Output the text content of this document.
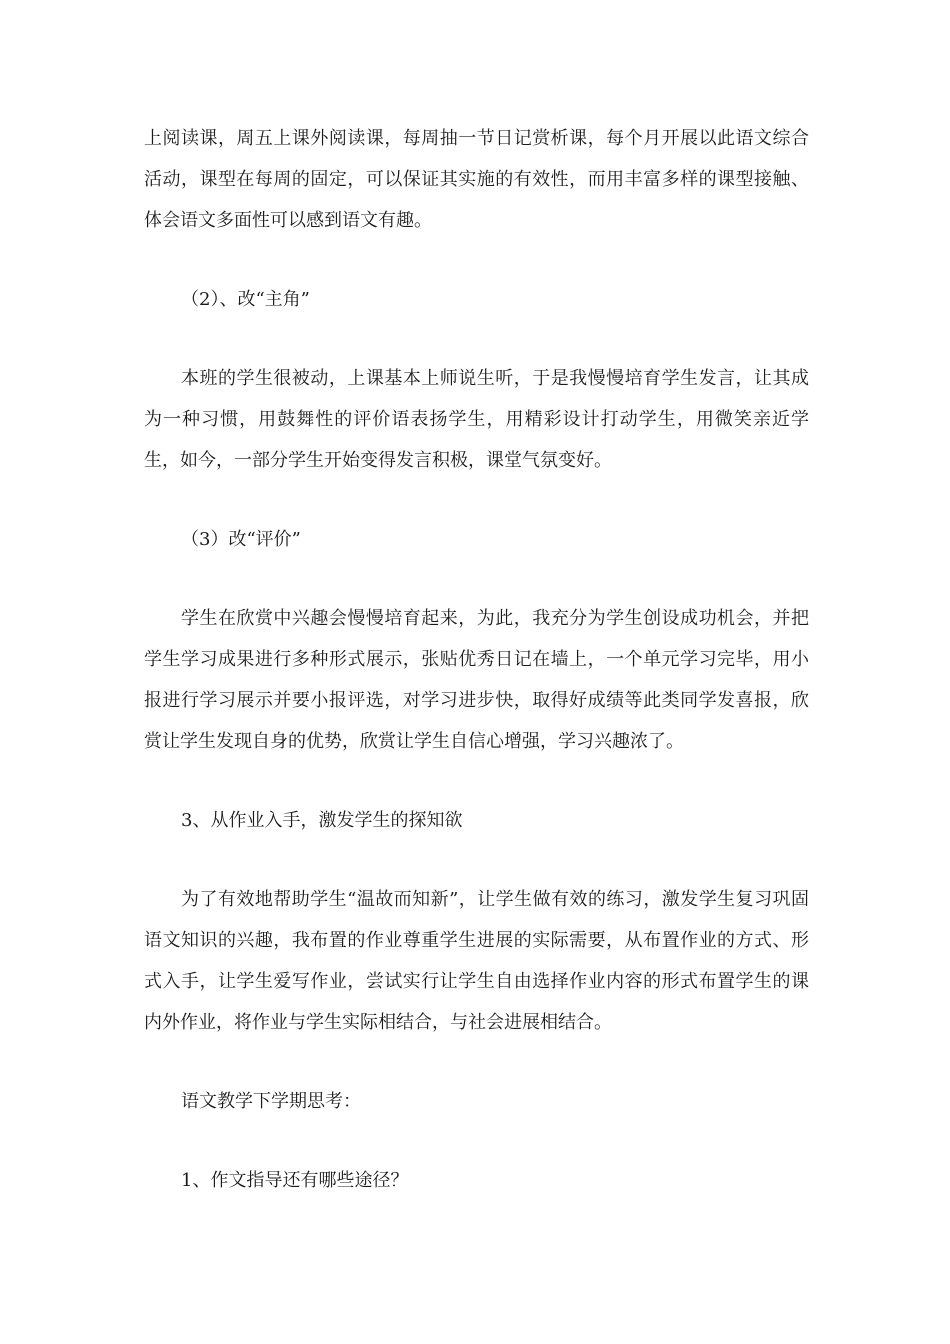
上阅读课，周五上课外阅读课，每周抽一节日记赏析课，每个月开展以此语文综合活动，课型在每周的固定，可以保证其实施的有效性，而用丰富多样的课型接触、体会语文多面性可以感到语文有趣。

（2）、改“主角”

本班的学生很被动，上课基本上师说生听，于是我慢慢培育学生发言，让其成为一种习惯，用鼓舞性的评价语表扬学生，用精彩设计打动学生，用微笑亲近学生，如今，一部分学生开始变得发言积极，课堂气氛变好。

（3）改“评价”

学生在欣赏中兴趣会慢慢培育起来，为此，我充分为学生创设成功机会，并把学生学习成果进行多种形式展示，张贴优秀日记在墙上，一个单元学习完毕，用小报进行学习展示并要小报评选，对学习进步快，取得好成绩等此类同学发喜报，欣赏让学生发现自身的优势，欣赏让学生自信心增强，学习兴趣浓了。

3、从作业入手，激发学生的探知欲

为了有效地帮助学生“温故而知新”，让学生做有效的练习，激发学生复习巩固语文知识的兴趣，我布置的作业尊重学生进展的实际需要，从布置作业的方式、形式入手，让学生爱写作业，尝试实行让学生自由选择作业内容的形式布置学生的课内外作业，将作业与学生实际相结合，与社会进展相结合。

语文教学下学期思考：

1、作文指导还有哪些途径？
